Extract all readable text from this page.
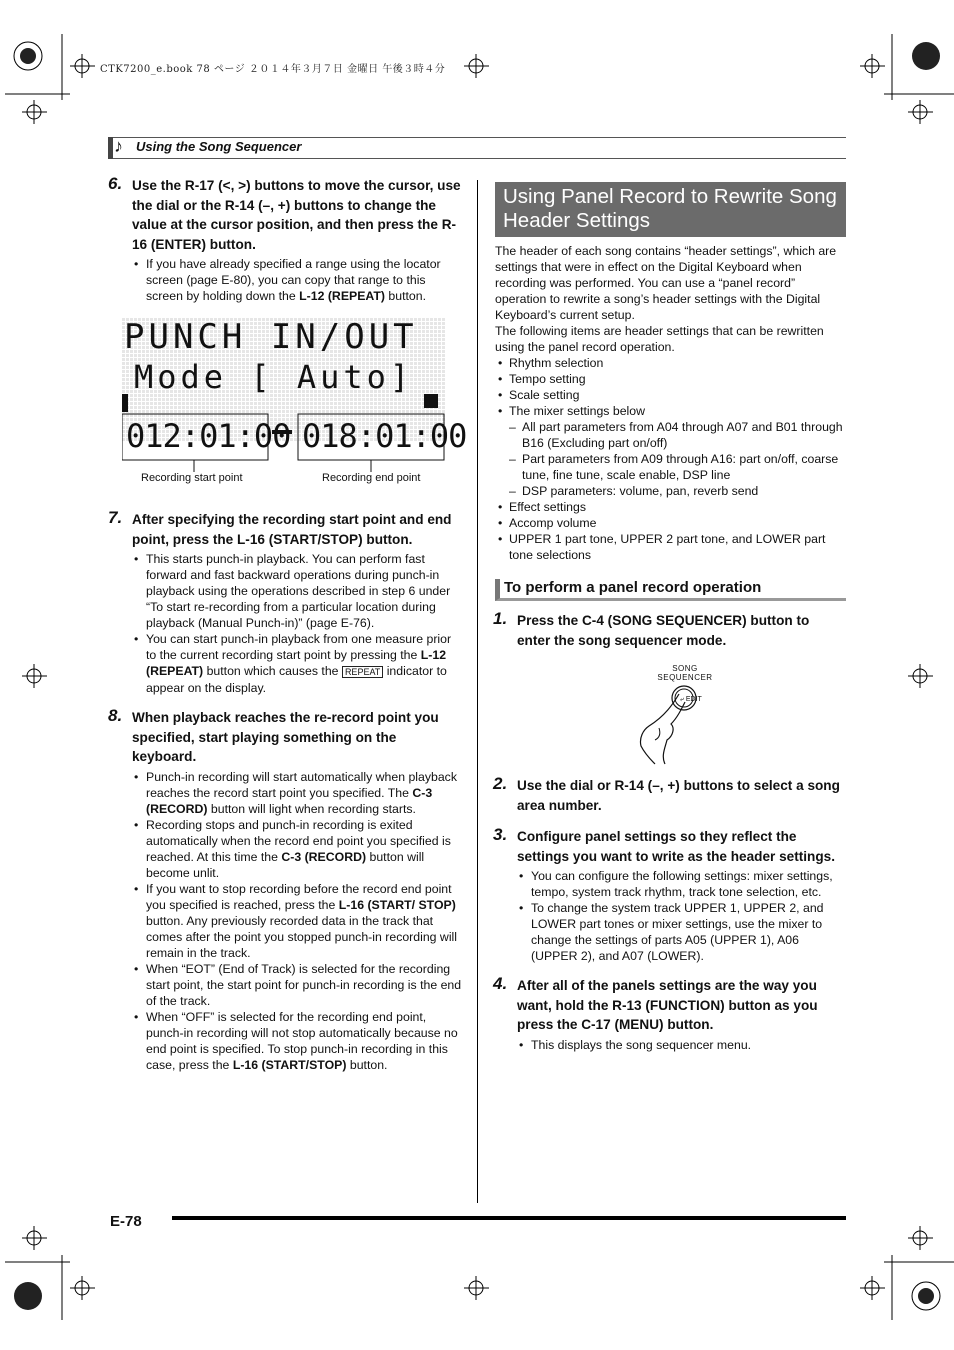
CTK7200_e.book 78 ページ ２０１４年３月７日 金曜日 午後３時４分
♪ Using the Song Sequencer
6. Use the R-17 (<, >) buttons to move the cursor, use the dial or the R-14 (–, +) buttons to change the value at the cursor position, and then press the R-16 (ENTER) button.
• If you have already specified a range using the locator screen (page E-80), you can copy that range to this screen by holding down the L-12 (REPEAT) button.
PUNCH IN/OUT
Mode [ Auto]
012:01:00 018:01:00
Recording start point	Recording end point
7. After specifying the recording start point and end point, press the L-16 (START/STOP) button.
• This starts punch-in playback. You can perform fast forward and fast backward operations during punch-in playback using the operations described in step 6 under “To start re-recording from a particular location during playback (Manual Punch-in)” (page E-76).
• You can start punch-in playback from one measure prior to the current recording start point by pressing the L-12 (REPEAT) button which causes the REPEAT indicator to appear on the display.
8. When playback reaches the re-record point you specified, start playing something on the keyboard.
• Punch-in recording will start automatically when playback reaches the record start point you specified. The C-3 (RECORD) button will light when recording starts.
• Recording stops and punch-in recording is exited automatically when the record end point you specified is reached. At this time the C-3 (RECORD) button will become unlit.
• If you want to stop recording before the record end point you specified is reached, press the L-16 (START/ STOP) button. Any previously recorded data in the track that comes after the point you stopped punch-in recording will remain in the track.
• When “EOT” (End of Track) is selected for the recording start point, the start point for punch-in recording is the end of the track.
• When “OFF” is selected for the recording end point, punch-in recording will not stop automatically because no end point is specified. To stop punch-in recording in this case, press the L-16 (START/STOP) button.
Using Panel Record to Rewrite Song Header Settings
The header of each song contains “header settings”, which are settings that were in effect on the Digital Keyboard when recording was performed. You can use a “panel record” operation to rewrite a song’s header settings with the Digital Keyboard’s current setup.
The following items are header settings that can be rewritten using the panel record operation.
• Rhythm selection
• Tempo setting
• Scale setting
• The mixer settings below
– All part parameters from A04 through A07 and B01 through B16 (Excluding part on/off)
– Part parameters from A09 through A16: part on/off, coarse tune, fine tune, scale enable, DSP line
– DSP parameters: volume, pan, reverb send
• Effect settings
• Accomp volume
• UPPER 1 part tone, UPPER 2 part tone, and LOWER part tone selections
To perform a panel record operation
1. Press the C-4 (SONG SEQUENCER) button to enter the song sequencer mode.
SONG
SEQUENCER
⤶ EDIT
2. Use the dial or R-14 (–, +) buttons to select a song area number.
3. Configure panel settings so they reflect the settings you want to write as the header settings.
• You can configure the following settings: mixer settings, tempo, system track rhythm, track tone selection, etc.
• To change the system track UPPER 1, UPPER 2, and LOWER part tones or mixer settings, use the mixer to change the settings of parts A05 (UPPER 1), A06 (UPPER 2), and A07 (LOWER).
4. After all of the panels settings are the way you want, hold the R-13 (FUNCTION) button as you press the C-17 (MENU) button.
• This displays the song sequencer menu.
E-78
